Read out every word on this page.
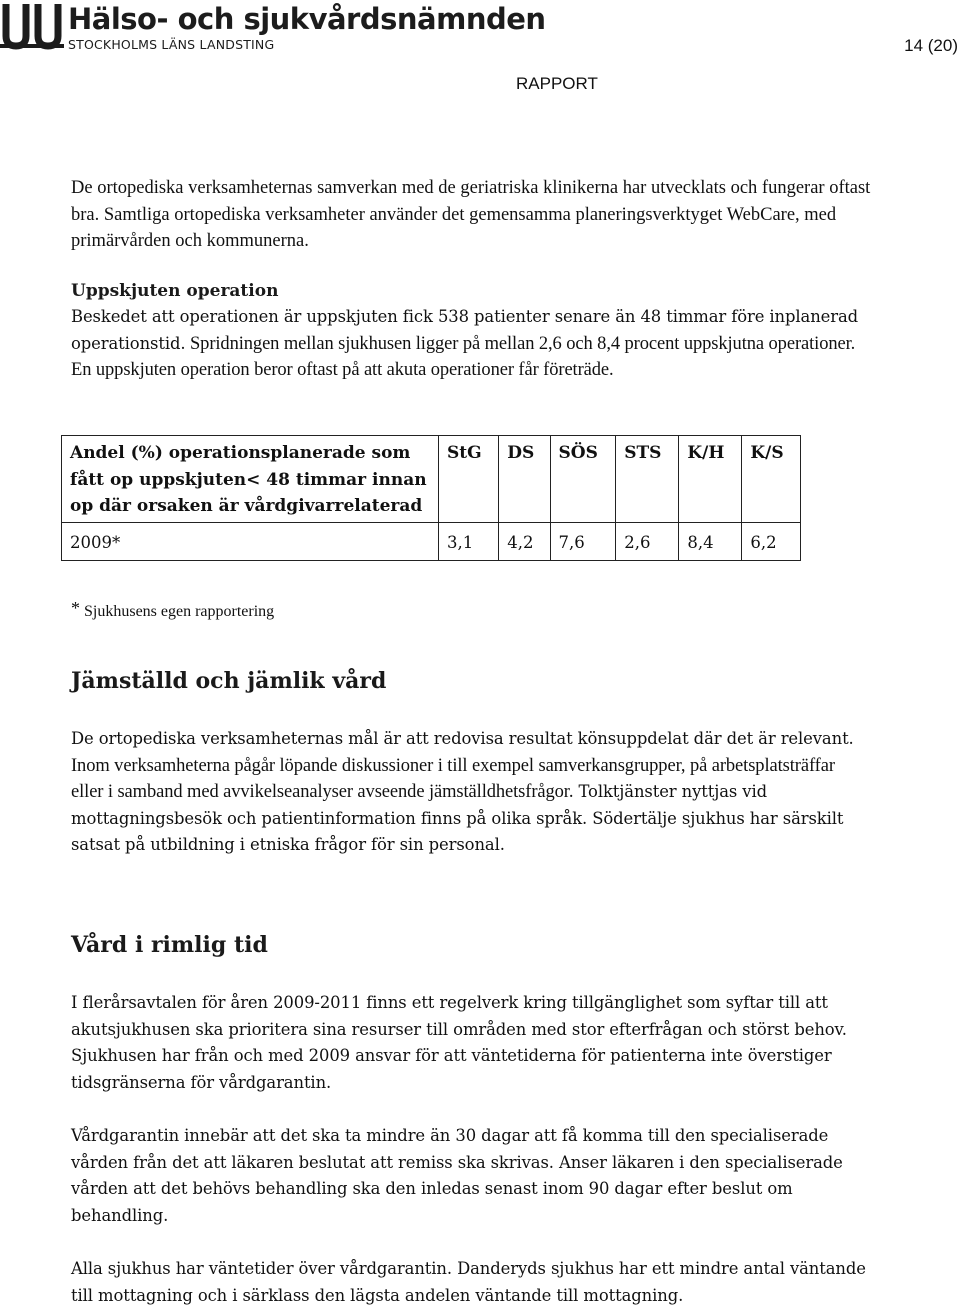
Hälso- och sjukvårdsnämnden
STOCKHOLMS LÄNS LANDSTING	14 (20)
RAPPORT

De ortopediska verksamheternas samverkan med de geriatriska klinikerna har utvecklats och fungerar oftast bra. Samtliga ortopediska verksamheter använder det gemensamma planeringsverktyget WebCare, med primärvården och kommunerna.

Uppskjuten operation

Beskedet att operationen är uppskjuten fick 538 patienter senare än 48 timmar före inplanerad operationstid. Spridningen mellan sjukhusen ligger på mellan 2,6 och 8,4 procent uppskjutna operationer. En uppskjuten operation beror oftast på att akuta operationer får företräde.

Andel (%) operationsplanerade som fått op uppskjuten< 48 timmar innan op där orsaken är vårdgivarrelaterad	StG	DS	SÖS	STS	K/H	K/S
2009*	3,1	4,2	7,6	2,6	8,4	6,2
* Sjukhusens egen rapportering
Jämställd och jämlik vård

De ortopediska verksamheternas mål är att redovisa resultat könsuppdelat där det är relevant. Inom verksamheterna pågår löpande diskussioner i till exempel samverkansgrupper, på arbetsplatsträffar eller i samband med avvikelseanalyser avseende jämställdhetsfrågor. Tolktjänster nyttjas vid mottagningsbesök och patientinformation finns på olika språk. Södertälje sjukhus har särskilt satsat på utbildning i etniska frågor för sin personal.

Vård i rimlig tid

I flerårsavtalen för åren 2009-2011 finns ett regelverk kring tillgänglighet som syftar till att akutsjukhusen ska prioritera sina resurser till områden med stor efterfrågan och störst behov. Sjukhusen har från och med 2009 ansvar för att väntetiderna för patienterna inte överstiger tidsgränserna för vårdgarantin.

Vårdgarantin innebär att det ska ta mindre än 30 dagar att få komma till den specialiserade vården från det att läkaren beslutat att remiss ska skrivas. Anser läkaren i den specialiserade vården att det behövs behandling ska den inledas senast inom 90 dagar efter beslut om behandling.

Alla sjukhus har väntetider över vårdgarantin. Danderyds sjukhus har ett mindre antal väntande till mottagning och i särklass den lägsta andelen väntande till mottagning.
